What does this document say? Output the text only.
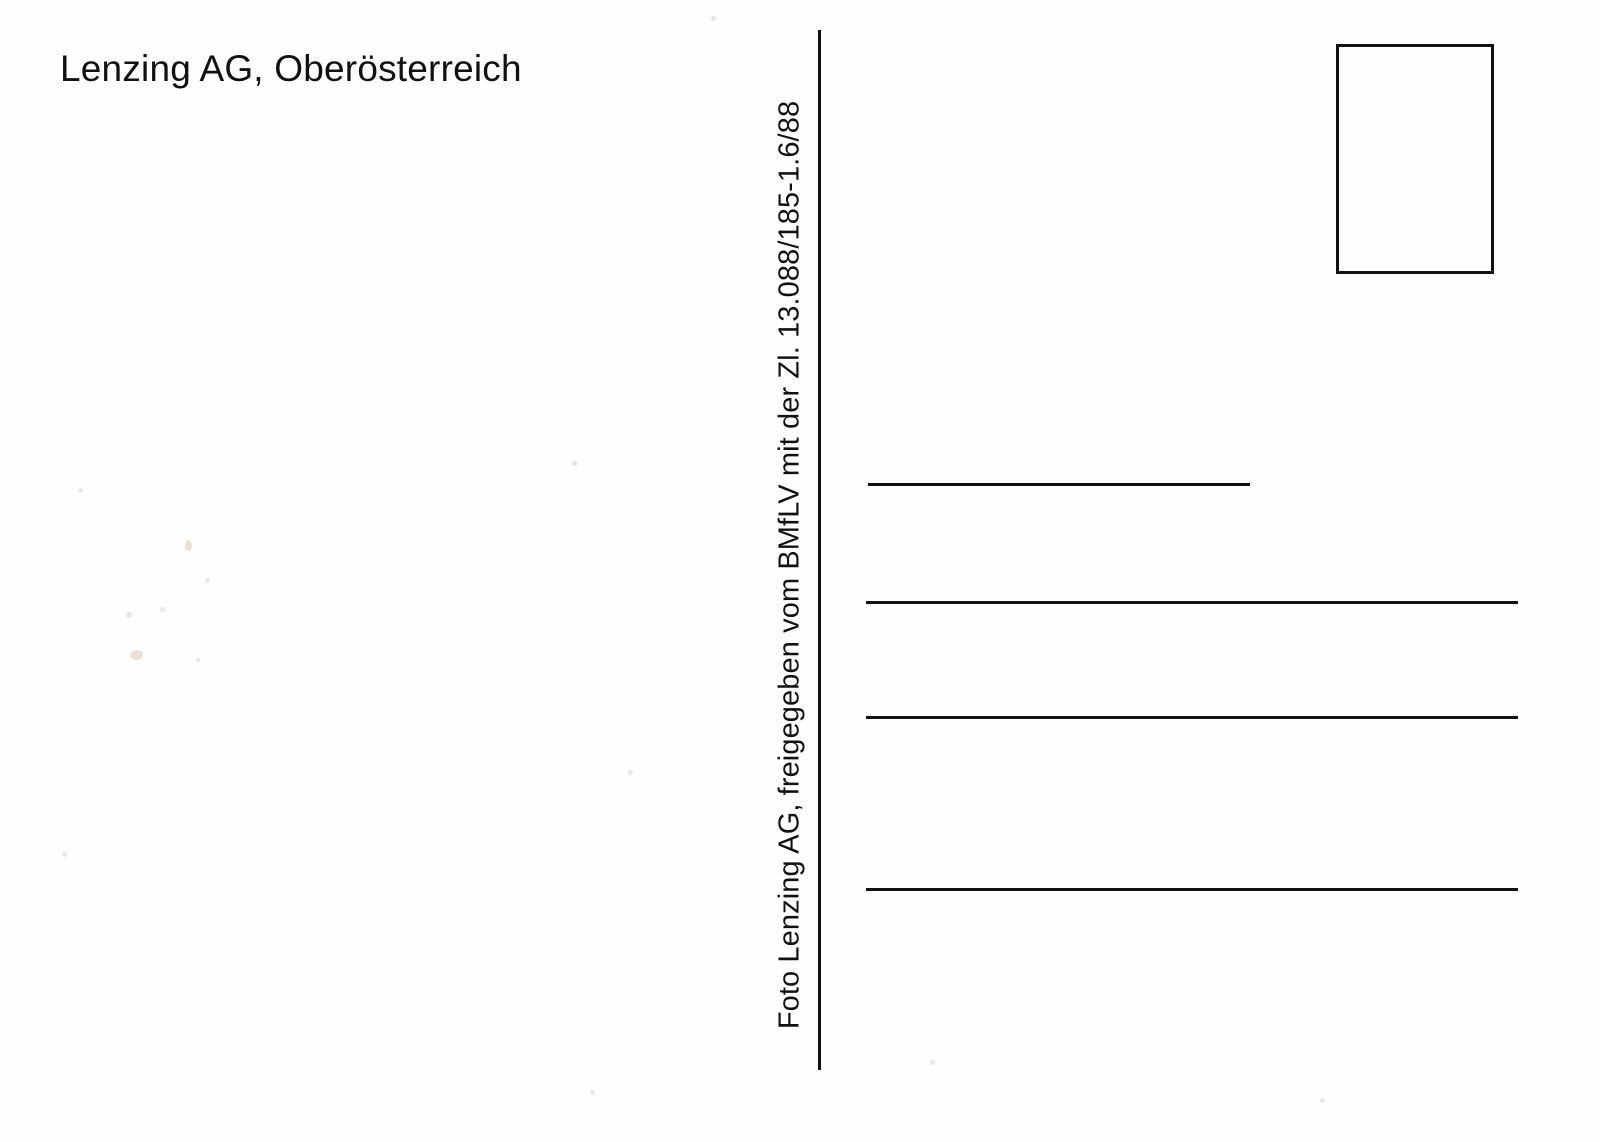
Lenzing AG, Oberösterreich
Foto Lenzing AG, freigegeben vom BMfLV mit der Zl. 13.088/185-1.6/88
